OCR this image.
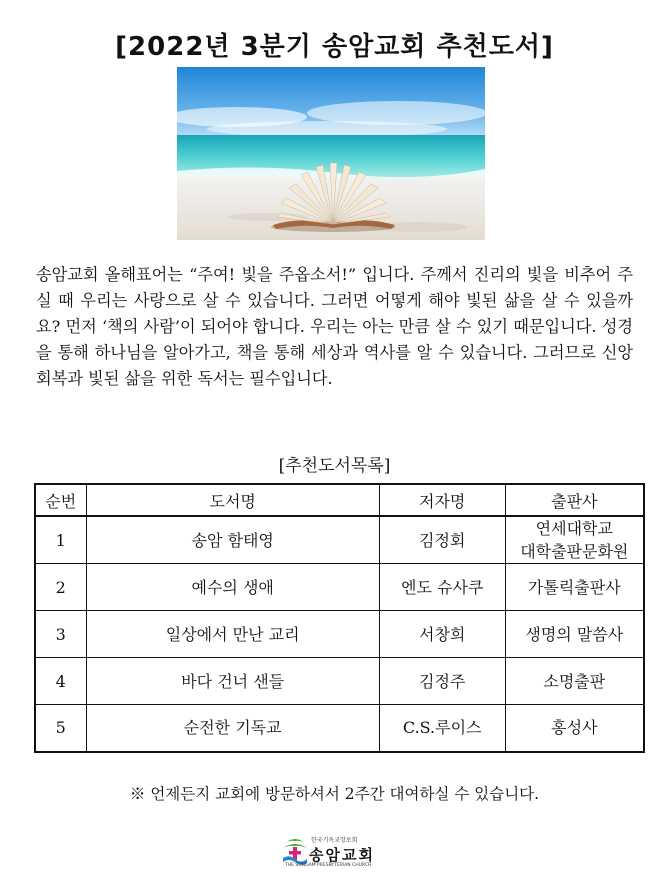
[2022년 3분기 송암교회 추천도서]

송암교회 올해표어는 “주여! 빛을 주옵소서!” 입니다. 주께서 진리의 빛을 비추어 주실 때 우리는 사랑으로 살 수 있습니다. 그러면 어떻게 해야 빛된 삶을 살 수 있을까요? 먼저 ‘책의 사람’이 되어야 합니다. 우리는 아는 만큼 살 수 있기 때문입니다. 성경을 통해 하나님을 알아가고, 책을 통해 세상과 역사를 알 수 있습니다. 그러므로 신앙회복과 빛된 삶을 위한 독서는 필수입니다.

[추천도서목록]

순번	도서명	저자명	출판사
1	송암 함태영	김정회	연세대학교
대학출판문화원

2	예수의 생애	엔도 슈사쿠	가톨릭출판사
3	일상에서 만난 교리	서창희	생명의 말씀사
4	바다 건너 샌들	김정주	소명출판
5	순전한 기독교	C.S.루이스	홍성사

※ 언제든지 교회에 방문하셔서 2주간 대여하실 수 있습니다.

한국기독교장로회
송암교회
THE SONGAM PRESBYTERIAN CHURCH
